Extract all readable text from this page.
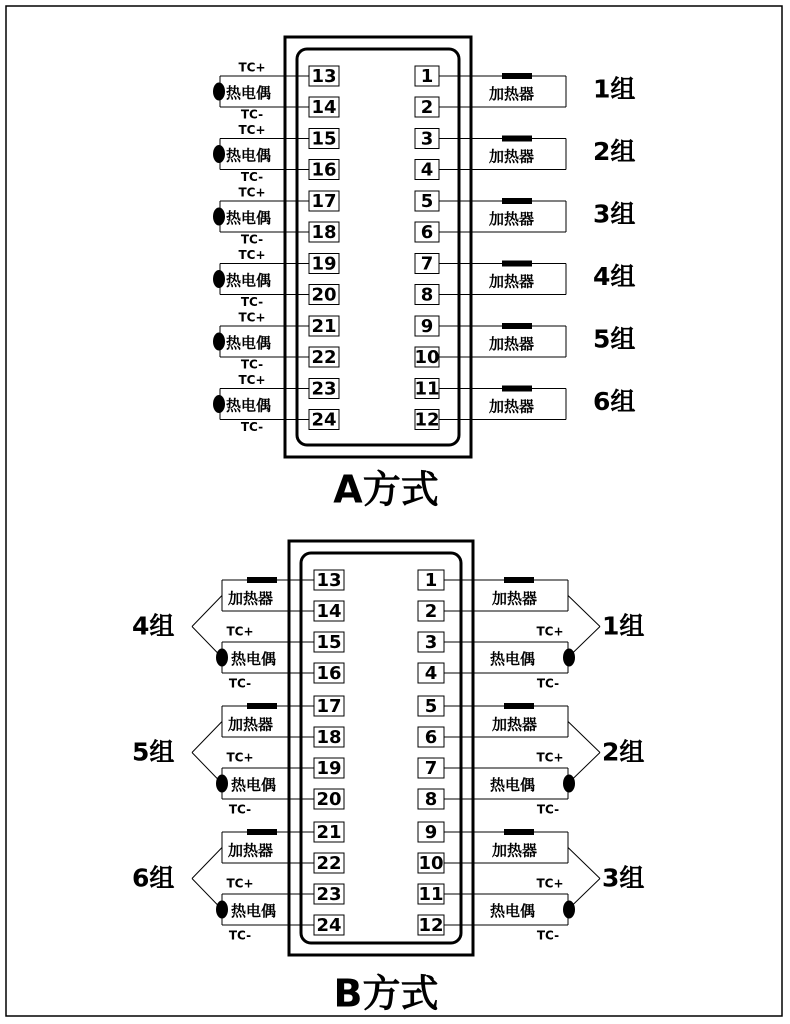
1
2
加热器 1组
13
14
热电偶
TC+
TC-
3
4
加热器 2组
15
16
热电偶
TC+
TC-
5
6
加热器 3组
17
18
热电偶
TC+
TC-
7
8
加热器 4组
19
20
热电偶
TC+
TC-
9
10
加热器 5组
21
22
热电偶
TC+
TC-
11
12
加热器 6组
23
24
热电偶
TC+
TC-
A方式
1
13
2
14
3
15
4
16
加热器
热电偶
TC+
TC-
1组
加热器
热电偶
TC+
TC-
4组
5
17
6
18
7
19
8
20
加热器
热电偶
TC+
TC-
2组
加热器
热电偶
TC+
TC-
5组
9
21
10
22
11
23
12
24
加热器
热电偶
TC+
TC-
3组
加热器
热电偶
TC+
TC-
6组
B方式
